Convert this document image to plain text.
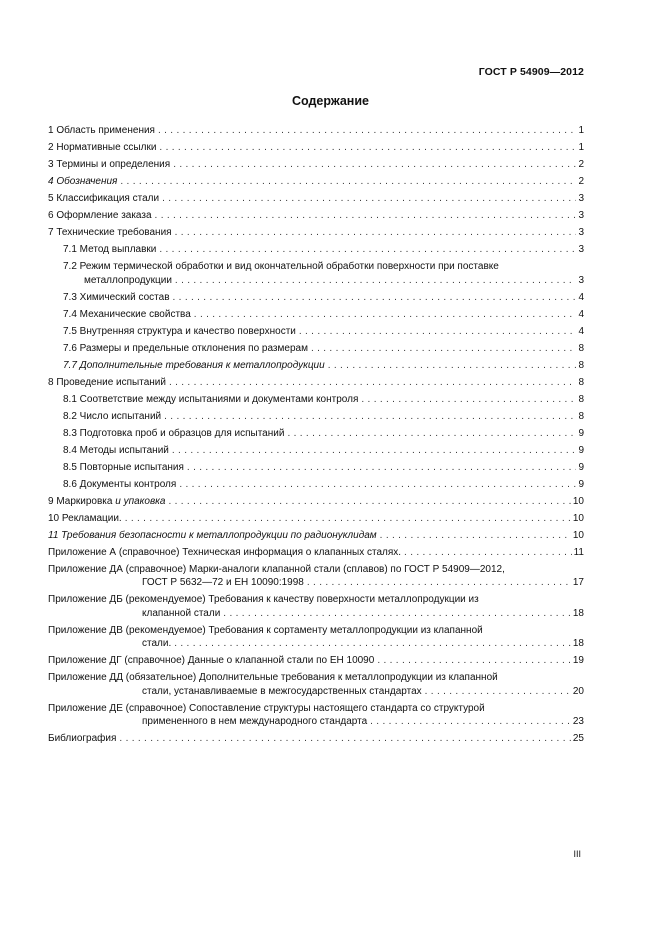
ГОСТ Р 54909—2012
Содержание
1 Область применения . . .	1
2 Нормативные ссылки . . .	1
3 Термины и определения . . .	2
4 Обозначения . . .	2
5 Классификация стали . . .	3
6 Оформление заказа . . .	3
7 Технические требования . . .	3
7.1 Метод выплавки . . .	3
7.2 Режим термической обработки и вид окончательной обработки поверхности при поставке
металлопродукции . . .	3
7.3 Химический состав . . .	4
7.4 Механические свойства . . .	4
7.5 Внутренняя структура и качество поверхности . . .	4
7.6 Размеры и предельные отклонения по размерам . . .	8
7.7 Дополнительные требования к металлопродукции . . .	8
8 Проведение испытаний . . .	8
8.1 Соответствие между испытаниями и документами контроля . . .	8
8.2 Число испытаний . . .	8
8.3 Подготовка проб и образцов для испытаний . . .	9
8.4 Методы испытаний . . .	9
8.5 Повторные испытания . . .	9
8.6 Документы контроля . . .	9
9 Маркировка и упаковка . . .	10
10 Рекламации. . . .	10
11 Требования безопасности к металлопродукции по радионуклидам . . .	10
Приложение А (справочное) Техническая информация о клапанных сталях. . . .	11
Приложение ДА (справочное) Марки-аналоги клапанной стали (сплавов) по ГОСТ Р 54909—2012,
ГОСТ Р 5632—72 и ЕН 10090:1998 . . .	17
Приложение ДБ (рекомендуемое) Требования к качеству поверхности металлопродукции из
клапанной стали . . .	18
Приложение ДВ (рекомендуемое) Требования к сортаменту металлопродукции из клапанной
стали. . . .	18
Приложение ДГ (справочное) Данные о клапанной стали по ЕН 10090 . . .	19
Приложение ДД (обязательное) Дополнительные требования к металлопродукции из клапанной
стали, устанавливаемые в межгосударственных стандартах . . .	20
Приложение ДЕ (справочное) Сопоставление структуры настоящего стандарта со структурой
примененного в нем международного стандарта . . .	23
Библиография . . .	25
III
